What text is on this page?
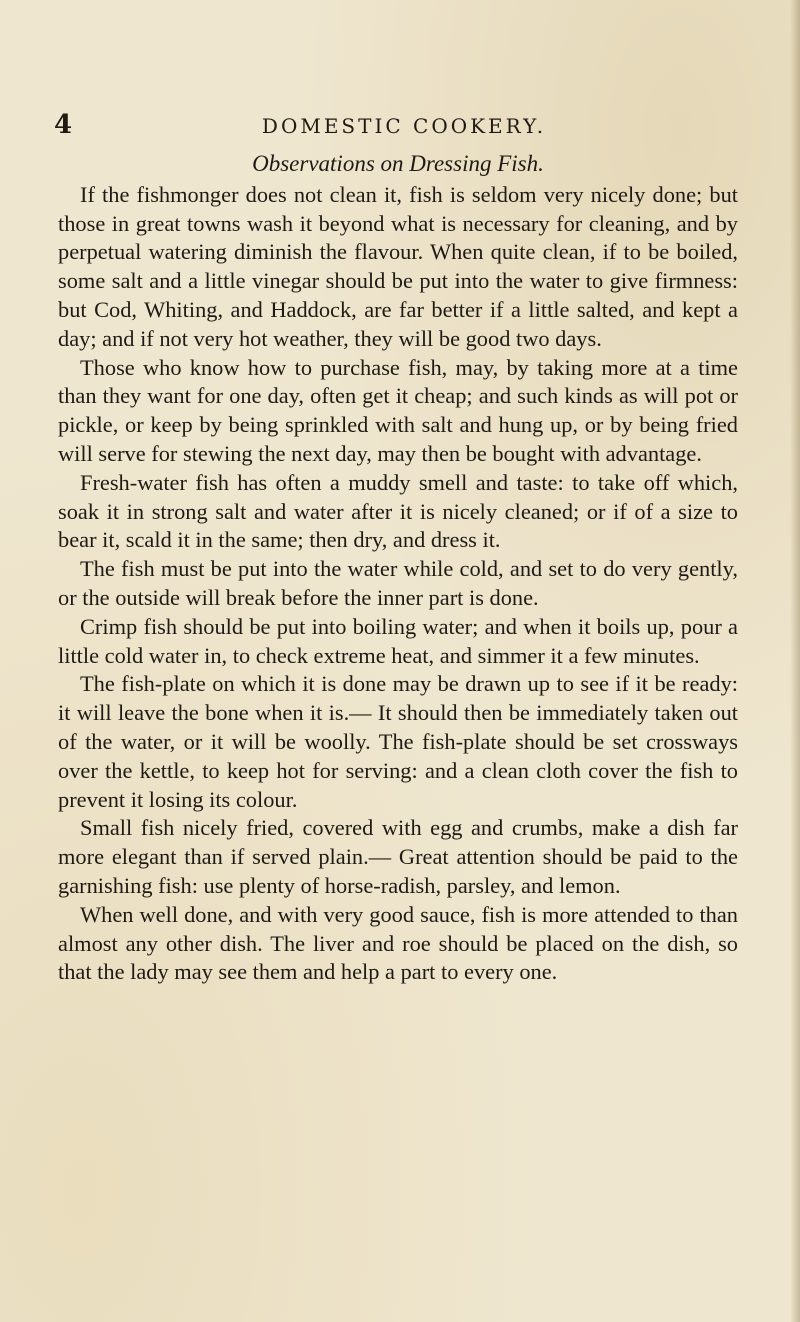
4	DOMESTIC COOKERY.

Observations on Dressing Fish.

If the fishmonger does not clean it, fish is seldom very nicely done; but those in great towns wash it beyond what is necessary for cleaning, and by perpetual watering diminish the flavour. When quite clean, if to be boiled, some salt and a little vinegar should be put into the water to give firmness: but Cod, Whiting, and Haddock, are far better if a little salted, and kept a day; and if not very hot weather, they will be good two days.

Those who know how to purchase fish, may, by taking more at a time than they want for one day, often get it cheap; and such kinds as will pot or pickle, or keep by being sprinkled with salt and hung up, or by being fried will serve for stewing the next day, may then be bought with advantage.

Fresh-water fish has often a muddy smell and taste: to take off which, soak it in strong salt and water after it is nicely cleaned; or if of a size to bear it, scald it in the same; then dry, and dress it.

The fish must be put into the water while cold, and set to do very gently, or the outside will break before the inner part is done.

Crimp fish should be put into boiling water; and when it boils up, pour a little cold water in, to check extreme heat, and simmer it a few minutes.

The fish-plate on which it is done may be drawn up to see if it be ready: it will leave the bone when it is.— It should then be immediately taken out of the water, or it will be woolly. The fish-plate should be set crossways over the kettle, to keep hot for serving: and a clean cloth cover the fish to prevent it losing its colour.

Small fish nicely fried, covered with egg and crumbs, make a dish far more elegant than if served plain.— Great attention should be paid to the garnishing fish: use plenty of horse-radish, parsley, and lemon.

When well done, and with very good sauce, fish is more attended to than almost any other dish. The liver and roe should be placed on the dish, so that the lady may see them and help a part to every one.
